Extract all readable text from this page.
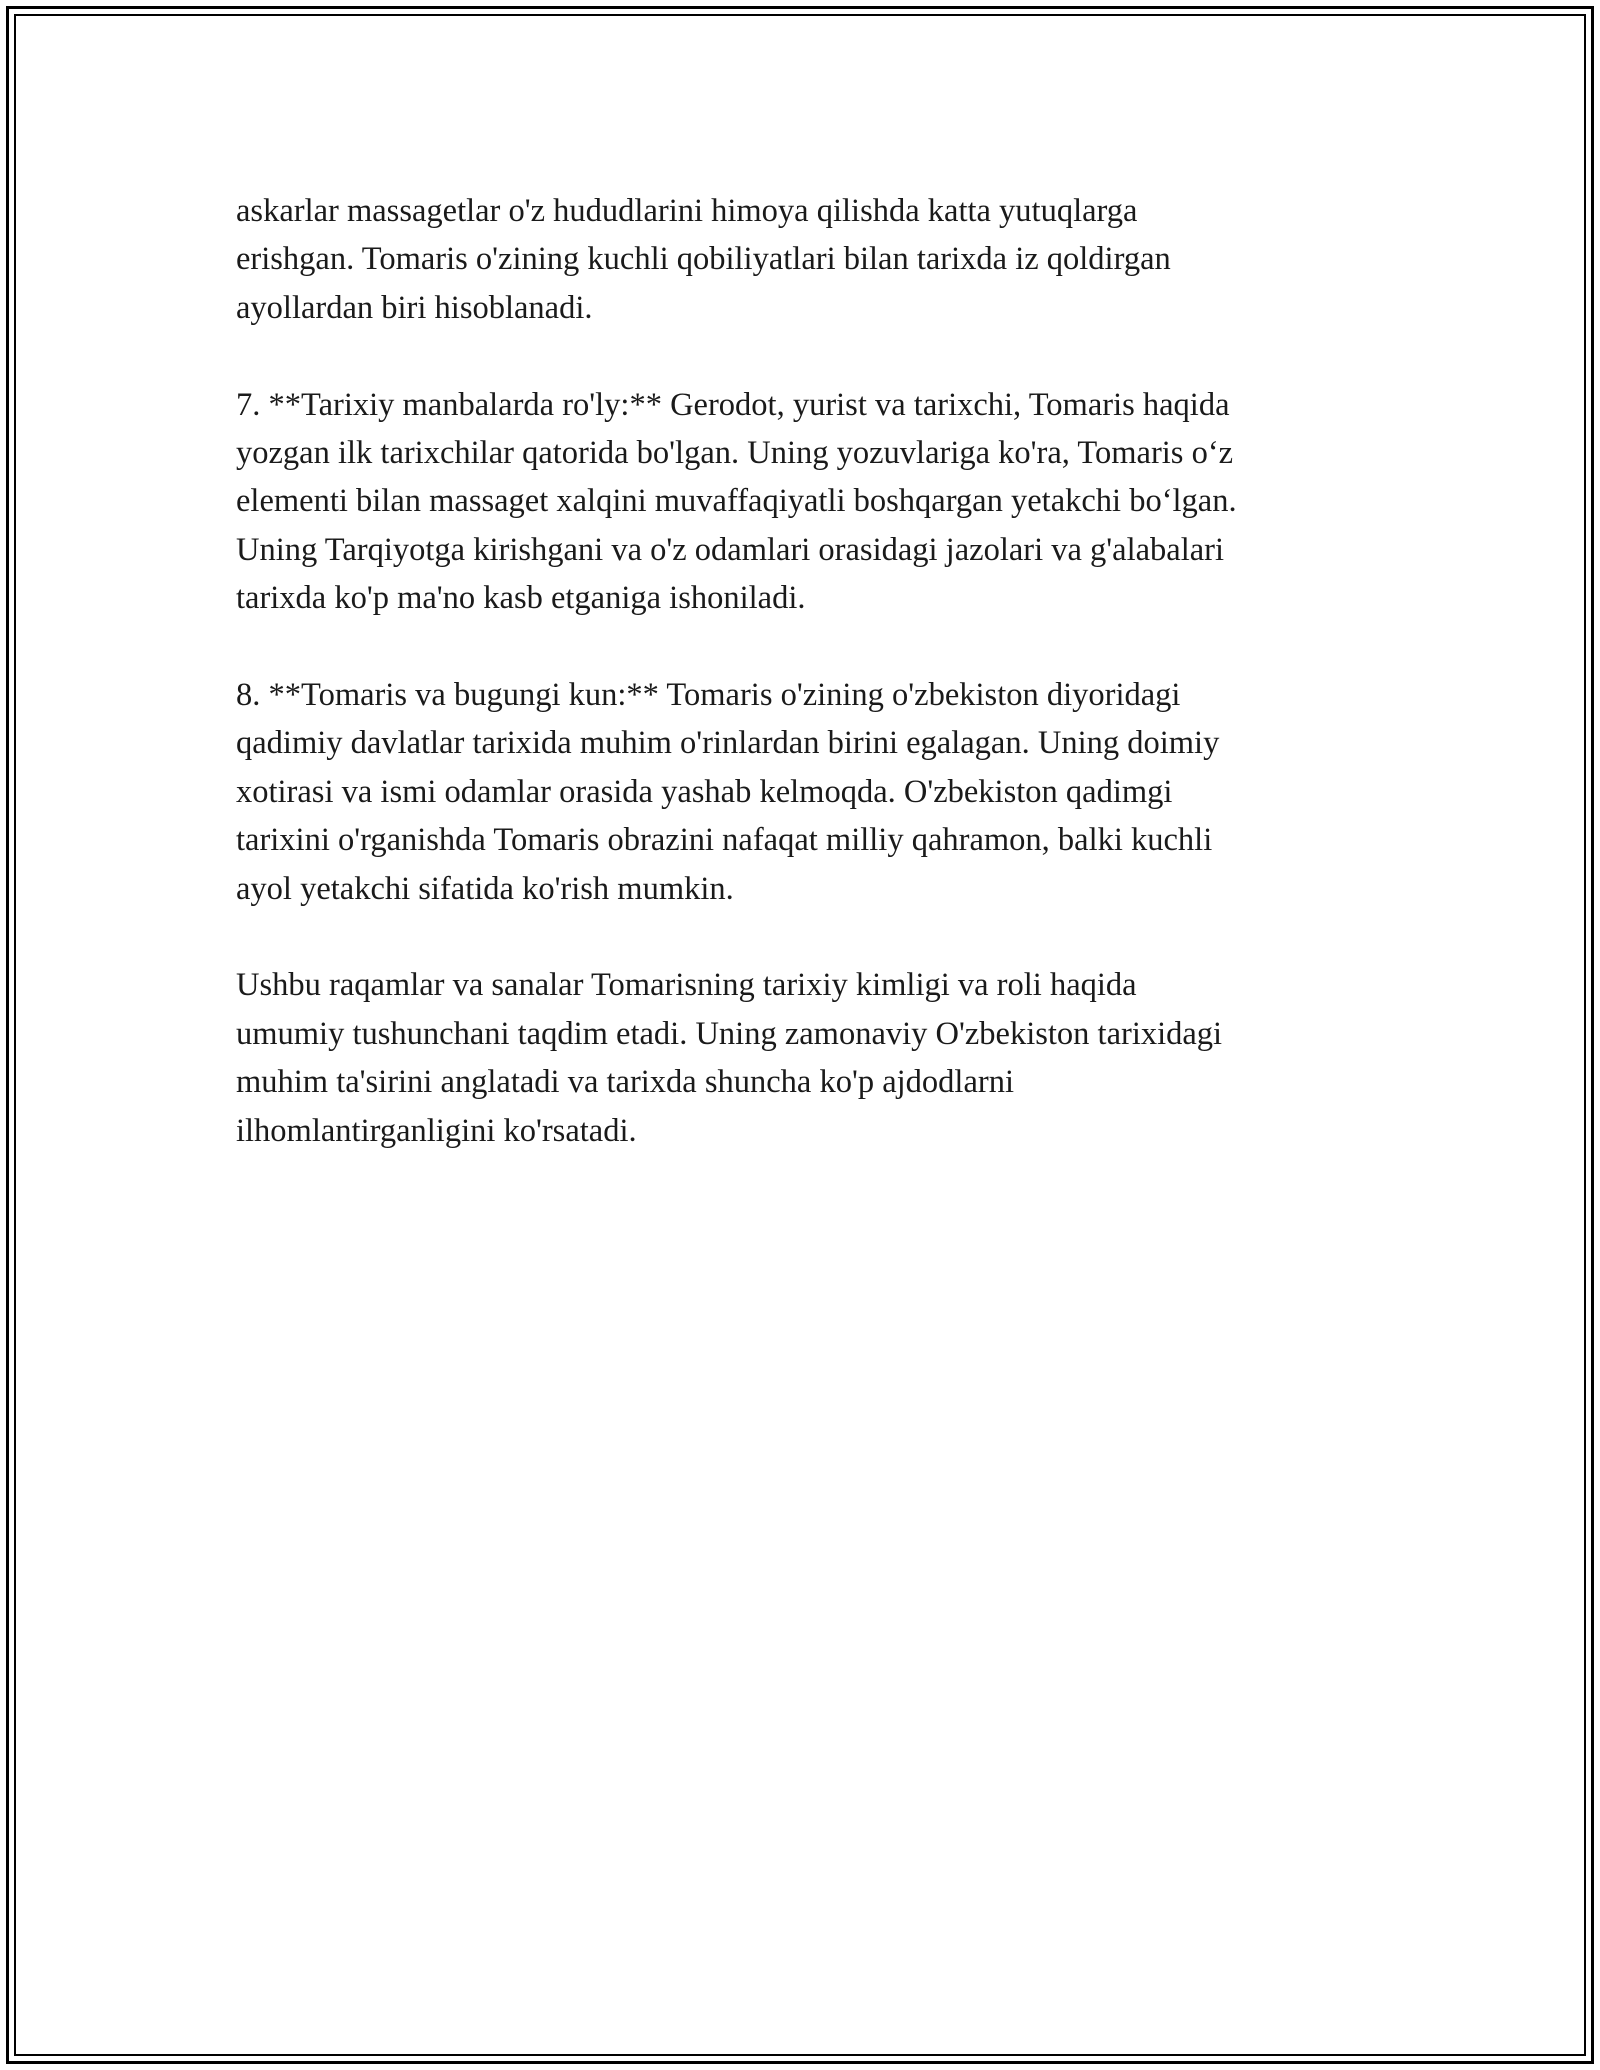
askarlar massagetlar o'z hududlarini himoya qilishda katta yutuqlarga
erishgan. Tomaris o'zining kuchli qobiliyatlari bilan tarixda iz qoldirgan
ayollardan biri hisoblanadi.

7. **Tarixiy manbalarda ro'ly:** Gerodot, yurist va tarixchi, Tomaris haqida
yozgan ilk tarixchilar qatorida bo'lgan. Uning yozuvlariga ko'ra, Tomaris o‘z
elementi bilan massaget xalqini muvaffaqiyatli boshqargan yetakchi bo‘lgan.
Uning Tarqiyotga kirishgani va o'z odamlari orasidagi jazolari va g'alabalari
tarixda ko'p ma'no kasb etganiga ishoniladi.

8. **Tomaris va bugungi kun:** Tomaris o'zining o'zbekiston diyoridagi
qadimiy davlatlar tarixida muhim o'rinlardan birini egalagan. Uning doimiy
xotirasi va ismi odamlar orasida yashab kelmoqda. O'zbekiston qadimgi
tarixini o'rganishda Tomaris obrazini nafaqat milliy qahramon, balki kuchli
ayol yetakchi sifatida ko'rish mumkin.

Ushbu raqamlar va sanalar Tomarisning tarixiy kimligi va roli haqida
umumiy tushunchani taqdim etadi. Uning zamonaviy O'zbekiston tarixidagi
muhim ta'sirini anglatadi va tarixda shuncha ko'p ajdodlarni
ilhomlantirganligini ko'rsatadi.
